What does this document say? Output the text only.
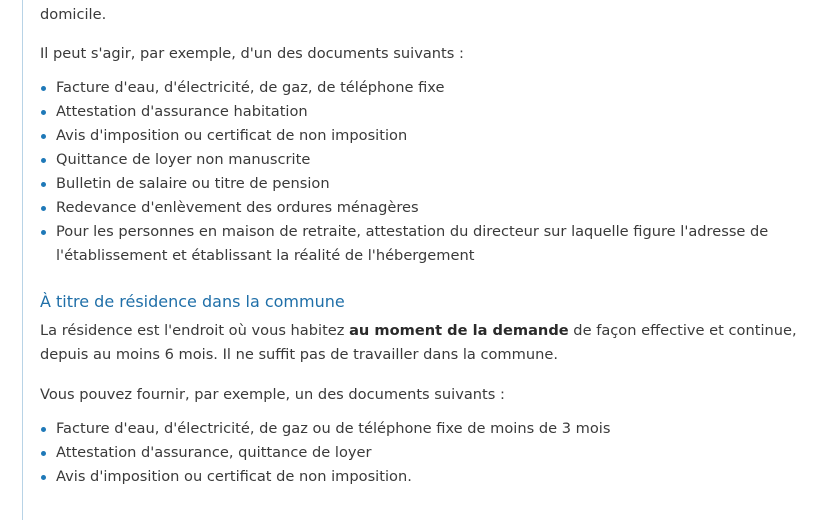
domicile.

Il peut s'agir, par exemple, d'un des documents suivants :

Facture d'eau, d'électricité, de gaz, de téléphone fixe
Attestation d'assurance habitation
Avis d'imposition ou certificat de non imposition
Quittance de loyer non manuscrite
Bulletin de salaire ou titre de pension
Redevance d'enlèvement des ordures ménagères
Pour les personnes en maison de retraite, attestation du directeur sur laquelle figure l'adresse de l'établissement et établissant la réalité de l'hébergement
À titre de résidence dans la commune

La résidence est l'endroit où vous habitez au moment de la demande de façon effective et continue, depuis au moins 6 mois. Il ne suffit pas de travailler dans la commune.

Vous pouvez fournir, par exemple, un des documents suivants :

Facture d'eau, d'électricité, de gaz ou de téléphone fixe de moins de 3 mois
Attestation d'assurance, quittance de loyer
Avis d'imposition ou certificat de non imposition.
